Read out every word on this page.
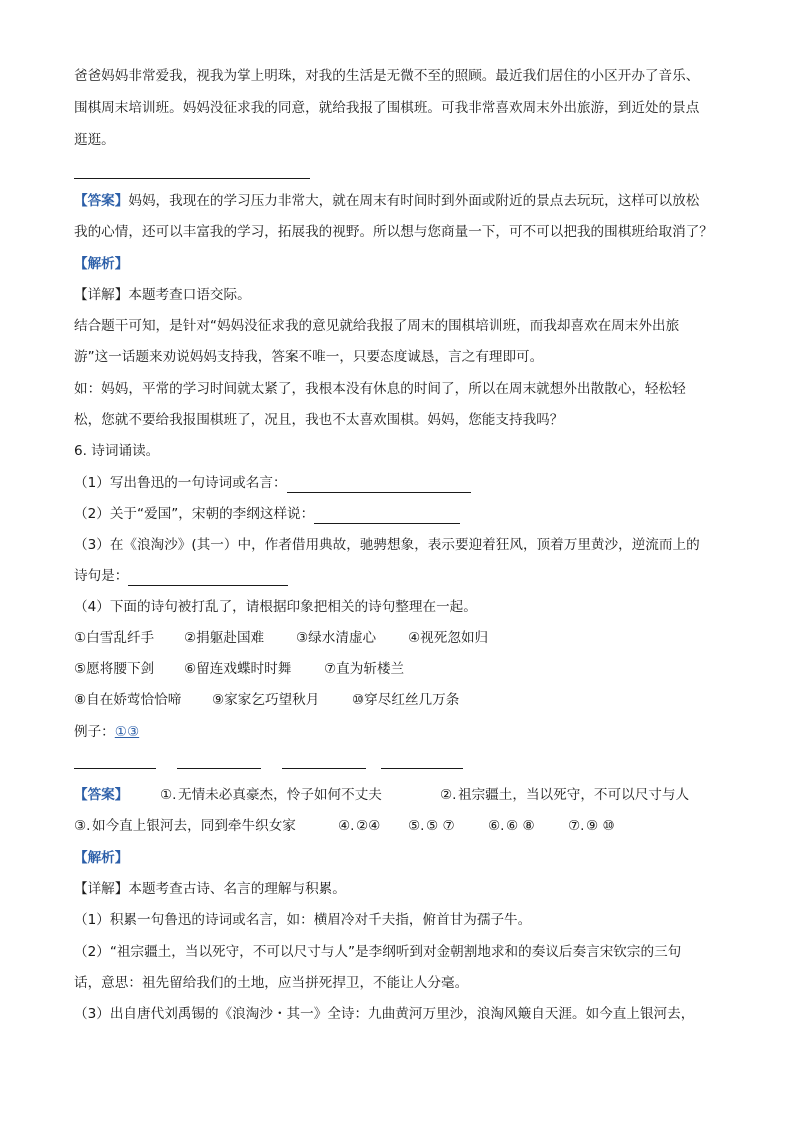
爸爸妈妈非常爱我，视我为掌上明珠，对我的生活是无微不至的照顾。最近我们居住的小区开办了音乐、
围棋周末培训班。妈妈没征求我的同意，就给我报了围棋班。可我非常喜欢周末外出旅游，到近处的景点
逛逛。
【答案】妈妈，我现在的学习压力非常大，就在周末有时间时到外面或附近的景点去玩玩，这样可以放松
我的心情，还可以丰富我的学习，拓展我的视野。所以想与您商量一下，可不可以把我的围棋班给取消了？
【解析】
【详解】本题考查口语交际。
结合题干可知，是针对“妈妈没征求我的意见就给我报了周末的围棋培训班，而我却喜欢在周末外出旅
游”这一话题来劝说妈妈支持我，答案不唯一，只要态度诚恳，言之有理即可。
如：妈妈，平常的学习时间就太紧了，我根本没有休息的时间了，所以在周末就想外出散散心，轻松轻
松，您就不要给我报围棋班了，况且，我也不太喜欢围棋。妈妈，您能支持我吗？
6. 诗词诵读。
（1）写出鲁迅的一句诗词或名言：
（2）关于“爱国”，宋朝的李纲这样说：
（3）在《浪淘沙》(其一）中，作者借用典故，驰骋想象，表示要迎着狂风，顶着万里黄沙，逆流而上的
诗句是：
（4）下面的诗句被打乱了，请根据印象把相关的诗句整理在一起。
①白雪乱纤手 ②捐躯赴国难 ③绿水清虚心 ④视死忽如归
⑤愿将腰下剑 ⑥留连戏蝶时时舞 ⑦直为斩楼兰
⑧自在娇莺恰恰啼 ⑨家家乞巧望秋月 ⑩穿尽红丝几万条
例子：①③
【答案】 ①.无情未必真豪杰，怜子如何不丈夫	②.祖宗疆土，当以死守，不可以尺寸与人
③.如今直上银河去，同到牵牛织女家	④.②④ ⑤.⑤ ⑦ ⑥.⑥ ⑧ ⑦.⑨ ⑩
【解析】
【详解】本题考查古诗、名言的理解与积累。
（1）积累一句鲁迅的诗词或名言，如：横眉冷对千夫指，俯首甘为孺子牛。
（2）“祖宗疆土，当以死守，不可以尺寸与人”是李纲听到对金朝割地求和的奏议后奏言宋钦宗的三句
话，意思：祖先留给我们的土地，应当拼死捍卫，不能让人分毫。
（3）出自唐代刘禹锡的《浪淘沙・其一》全诗：九曲黄河万里沙，浪淘风簸自天涯。如今直上银河去，
